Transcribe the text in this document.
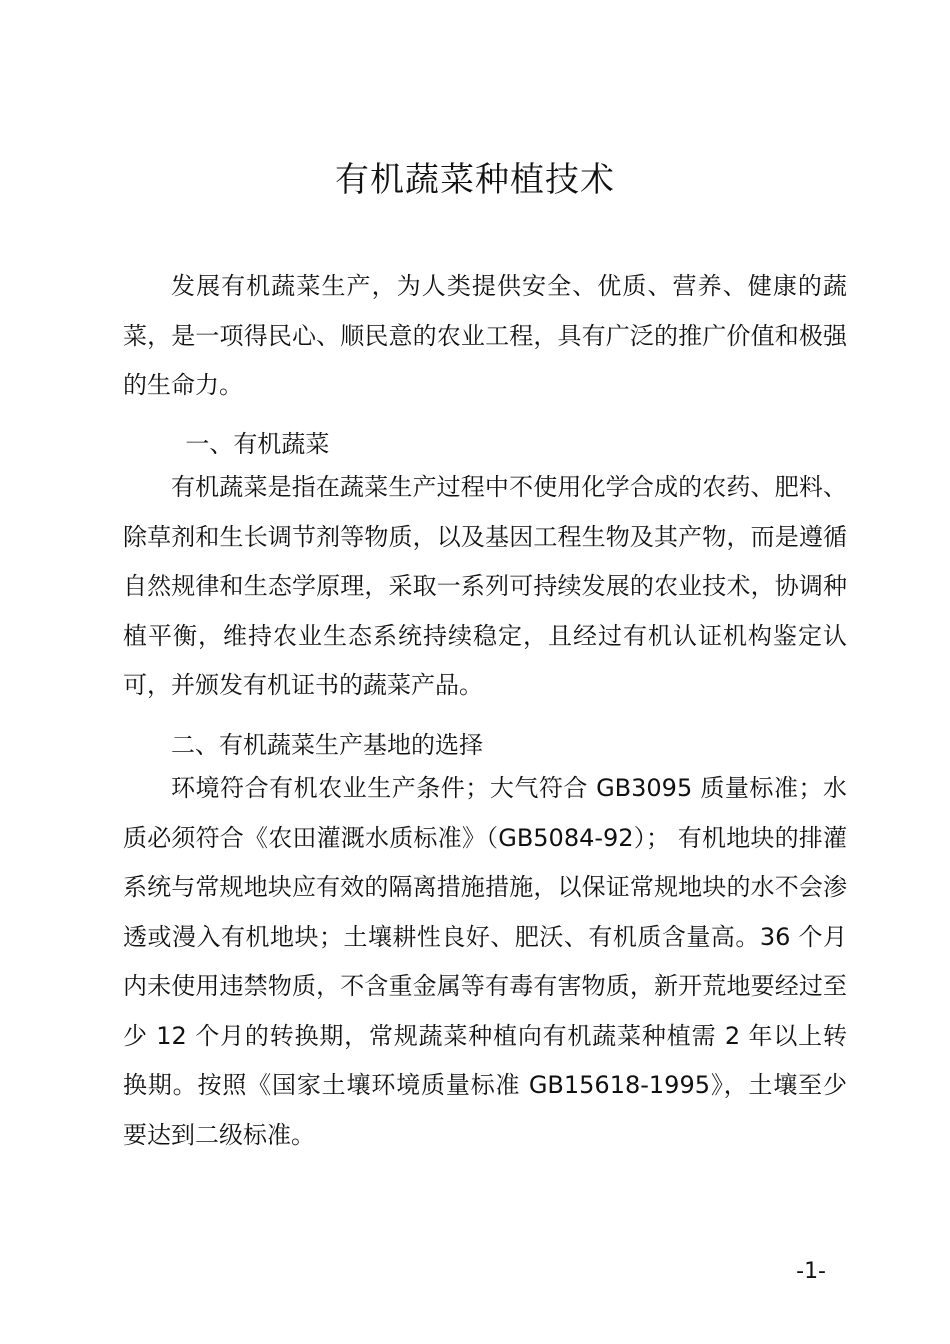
有机蔬菜种植技术

发展有机蔬菜生产，为人类提供安全、优质、营养、健康的蔬菜，是一项得民心、顺民意的农业工程，具有广泛的推广价值和极强的生命力。

一、有机蔬菜

有机蔬菜是指在蔬菜生产过程中不使用化学合成的农药、肥料、除草剂和生长调节剂等物质，以及基因工程生物及其产物，而是遵循自然规律和生态学原理，采取一系列可持续发展的农业技术，协调种植平衡，维持农业生态系统持续稳定，且经过有机认证机构鉴定认可，并颁发有机证书的蔬菜产品。

二、有机蔬菜生产基地的选择

环境符合有机农业生产条件；大气符合 GB3095 质量标准；水质必须符合《农田灌溉水质标准》（GB5084-92）； 有机地块的排灌系统与常规地块应有效的隔离措施措施，以保证常规地块的水不会渗透或漫入有机地块；土壤耕性良好、肥沃、有机质含量高。36 个月内未使用违禁物质，不含重金属等有毒有害物质，新开荒地要经过至少 12 个月的转换期，常规蔬菜种植向有机蔬菜种植需 2 年以上转换期。按照《国家土壤环境质量标准 GB15618-1995》，土壤至少要达到二级标准。

-1-
